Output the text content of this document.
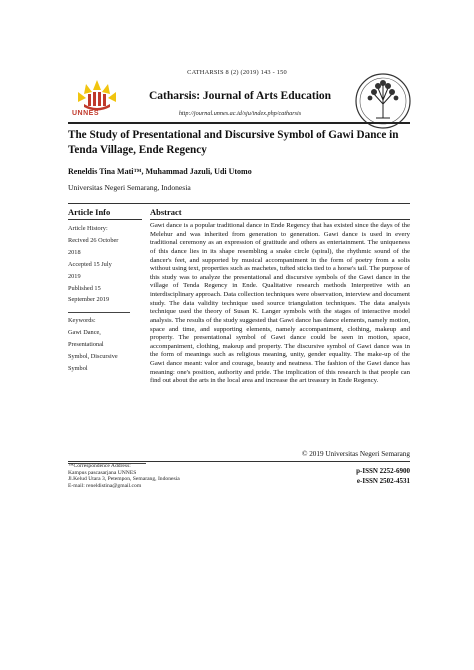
CATHARSIS 8 (2) (2019) 143 - 150
UNNES
Catharsis: Journal of Arts Education
http://journal.unnes.ac.id/sju/index.php/catharsis
The Study of Presentational and Discursive Symbol of Gawi Dance in Tenda Village, Ende Regency
Reneldis Tina Mati™, Muhammad Jazuli, Udi Utomo
Universitas Negeri Semarang, Indonesia
Article Info	Abstract
Article History:
Recived 26 October
2018
Accepted 15 July
2019
Published 15
September 2019
Keywords:
Gawi Dance,
Presentational
Symbol, Discursive
Symbol
Gawi dance is a popular traditional dance in Ende Regency that has existed since the days of the Melehur and was inherited from generation to generation. Gawi dance is used in every traditional ceremony as an expression of gratitude and others as entertainment. The uniqueness of this dance lies in its shape resembling a snake circle (spiral), the rhythmic sound of the dancer's feet, and supported by musical accompaniment in the form of poetry from a solis without using text, properties such as machetes, tufted sticks tied to a horse's tail. The purpose of this study was to analyze the presentational and discursive symbols of the Gawi dance in the village of Tenda Regency in Ende. Qualitative research methods Interpretive with an interdisciplinary approach. Data collection techniques were observation, interview and document study. The data validity technique used source triangulation techniques. The data analysis technique used the theory of Susan K. Langer symbols with the stages of interactive model analysis. The results of the study suggested that Gawi dance has dance elements, namely motion, space and time, and supporting elements, namely accompaniment, clothing, makeup and property. The presentational symbol of Gawi dance could be seen in motion, space, accompaniment, clothing, makeup and property. The discursive symbol of Gawi dance was in the form of meanings such as religious meaning, unity, gender equality. The make-up of the Gawi dance meant: valor and courage, beauty and neatness. The fashion of the Gawi dance has meaning: one's position, authority and pride. The implication of this research is that people can find out about the arts in the local area and increase the art treasury in Ende Regency.
© 2019 Universitas Negeri Semarang
™Correspondence Address:
Kampus pascasarjana UNNES
Jl.Kelud Utara 3, Petempon, Semarang, Indonesia
E-mail: reneldistina@gmail.com
p-ISSN 2252-6900
e-ISSN 2502-4531
